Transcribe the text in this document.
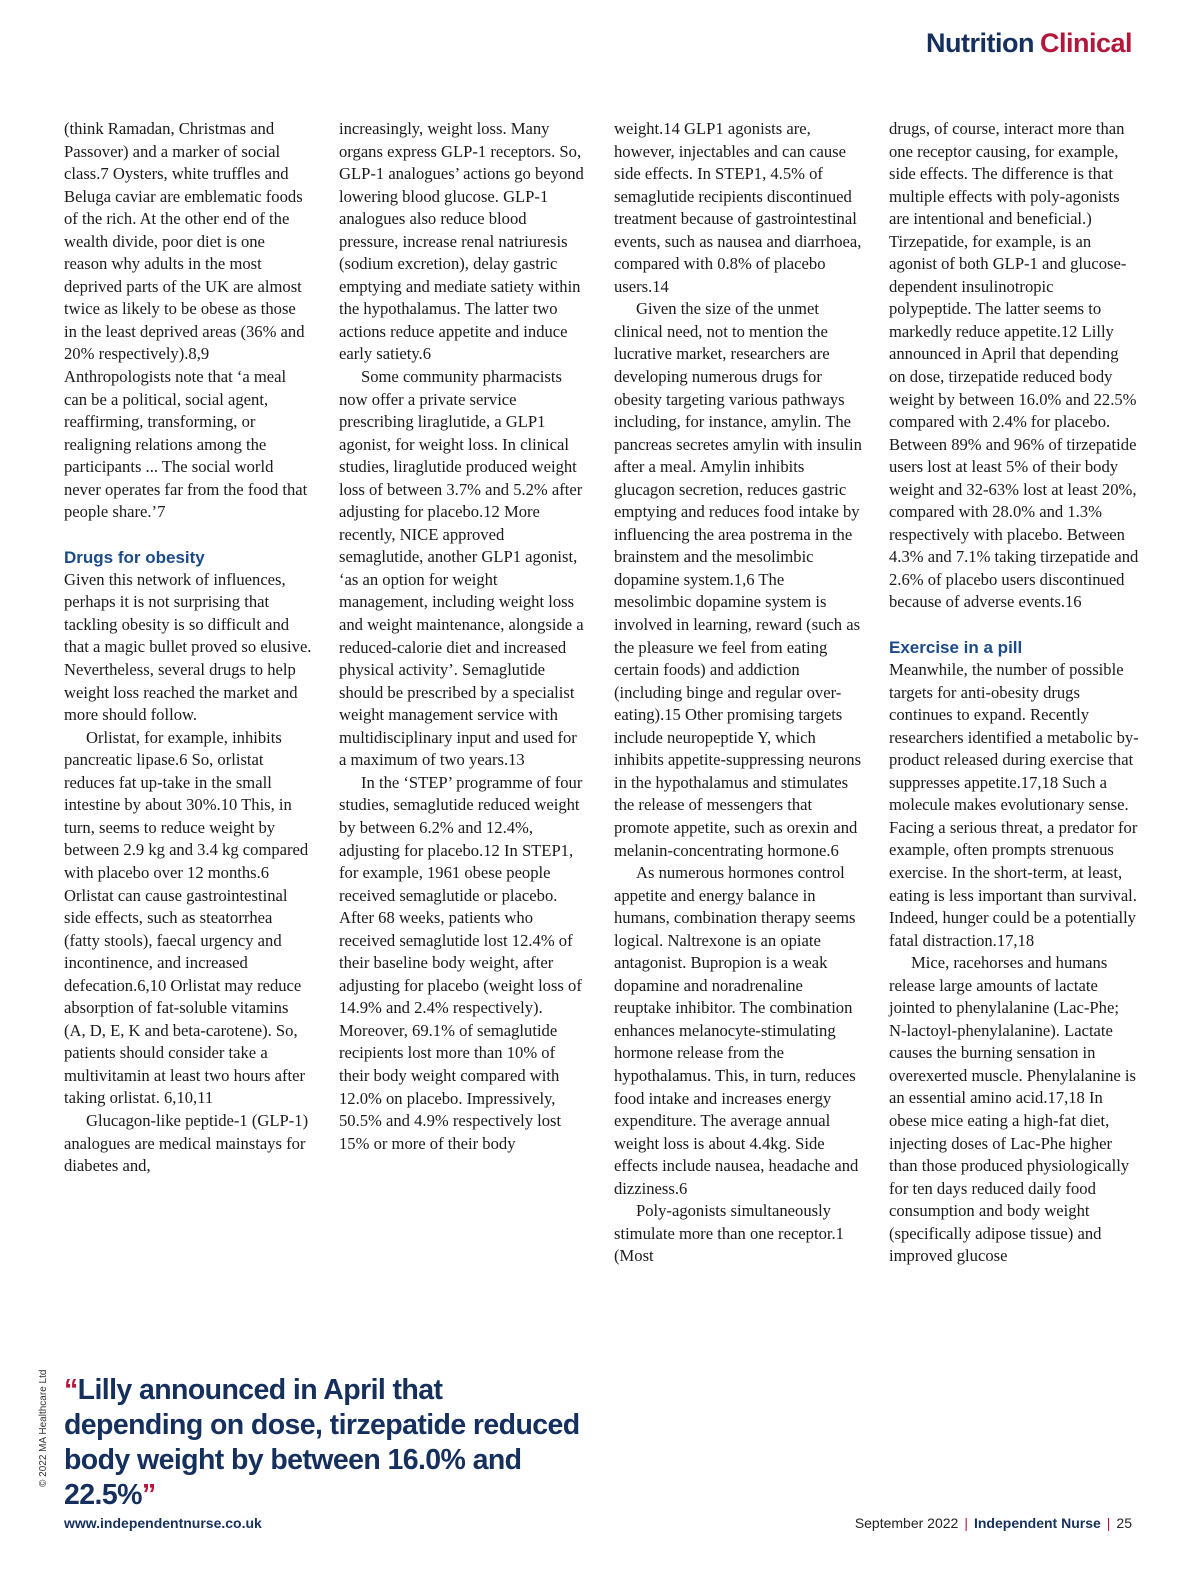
Nutrition Clinical

(think Ramadan, Christmas and Passover) and a marker of social class.7 Oysters, white truffles and Beluga caviar are emblematic foods of the rich. At the other end of the wealth divide, poor diet is one reason why adults in the most deprived parts of the UK are almost twice as likely to be obese as those in the least deprived areas (36% and 20% respectively).8,9 Anthropologists note that ‘a meal can be a political, social agent, reaffirming, transforming, or realigning relations among the participants ... The social world never operates far from the food that people share.’7

Drugs for obesity

Given this network of influences, perhaps it is not surprising that tackling obesity is so difficult and that a magic bullet proved so elusive. Nevertheless, several drugs to help weight loss reached the market and more should follow.

Orlistat, for example, inhibits pancreatic lipase.6 So, orlistat reduces fat up-take in the small intestine by about 30%.10 This, in turn, seems to reduce weight by between 2.9 kg and 3.4 kg compared with placebo over 12 months.6 Orlistat can cause gastrointestinal side effects, such as steatorrhea (fatty stools), faecal urgency and incontinence, and increased defecation.6,10 Orlistat may reduce absorption of fat-soluble vitamins (A, D, E, K and beta-carotene). So, patients should consider take a multivitamin at least two hours after taking orlistat. 6,10,11

Glucagon-like peptide-1 (GLP-1) analogues are medical mainstays for diabetes and,

increasingly, weight loss. Many organs express GLP-1 receptors. So, GLP-1 analogues’ actions go beyond lowering blood glucose. GLP-1 analogues also reduce blood pressure, increase renal natriuresis (sodium excretion), delay gastric emptying and mediate satiety within the hypothalamus. The latter two actions reduce appetite and induce early satiety.6

Some community pharmacists now offer a private service prescribing liraglutide, a GLP1 agonist, for weight loss. In clinical studies, liraglutide produced weight loss of between 3.7% and 5.2% after adjusting for placebo.12 More recently, NICE approved semaglutide, another GLP1 agonist, ‘as an option for weight management, including weight loss and weight maintenance, alongside a reduced-calorie diet and increased physical activity’. Semaglutide should be prescribed by a specialist weight management service with multidisciplinary input and used for a maximum of two years.13

In the ‘STEP’ programme of four studies, semaglutide reduced weight by between 6.2% and 12.4%, adjusting for placebo.12 In STEP1, for example, 1961 obese people received semaglutide or placebo. After 68 weeks, patients who received semaglutide lost 12.4% of their baseline body weight, after adjusting for placebo (weight loss of 14.9% and 2.4% respectively). Moreover, 69.1% of semaglutide recipients lost more than 10% of their body weight compared with 12.0% on placebo. Impressively, 50.5% and 4.9% respectively lost 15% or more of their body

weight.14 GLP1 agonists are, however, injectables and can cause side effects. In STEP1, 4.5% of semaglutide recipients discontinued treatment because of gastrointestinal events, such as nausea and diarrhoea, compared with 0.8% of placebo users.14

Given the size of the unmet clinical need, not to mention the lucrative market, researchers are developing numerous drugs for obesity targeting various pathways including, for instance, amylin. The pancreas secretes amylin with insulin after a meal. Amylin inhibits glucagon secretion, reduces gastric emptying and reduces food intake by influencing the area postrema in the brainstem and the mesolimbic dopamine system.1,6 The mesolimbic dopamine system is involved in learning, reward (such as the pleasure we feel from eating certain foods) and addiction (including binge and regular over-eating).15 Other promising targets include neuropeptide Y, which inhibits appetite-suppressing neurons in the hypothalamus and stimulates the release of messengers that promote appetite, such as orexin and melanin-concentrating hormone.6

As numerous hormones control appetite and energy balance in humans, combination therapy seems logical. Naltrexone is an opiate antagonist. Bupropion is a weak dopamine and noradrenaline reuptake inhibitor. The combination enhances melanocyte-stimulating hormone release from the hypothalamus. This, in turn, reduces food intake and increases energy expenditure. The average annual weight loss is about 4.4kg. Side effects include nausea, headache and dizziness.6

Poly-agonists simultaneously stimulate more than one receptor.1 (Most

drugs, of course, interact more than one receptor causing, for example, side effects. The difference is that multiple effects with poly-agonists are intentional and beneficial.) Tirzepatide, for example, is an agonist of both GLP-1 and glucose-dependent insulinotropic polypeptide. The latter seems to markedly reduce appetite.12 Lilly announced in April that depending on dose, tirzepatide reduced body weight by between 16.0% and 22.5% compared with 2.4% for placebo. Between 89% and 96% of tirzepatide users lost at least 5% of their body weight and 32-63% lost at least 20%, compared with 28.0% and 1.3% respectively with placebo. Between 4.3% and 7.1% taking tirzepatide and 2.6% of placebo users discontinued because of adverse events.16

Exercise in a pill

Meanwhile, the number of possible targets for anti-obesity drugs continues to expand. Recently researchers identified a metabolic by-product released during exercise that suppresses appetite.17,18 Such a molecule makes evolutionary sense. Facing a serious threat, a predator for example, often prompts strenuous exercise. In the short-term, at least, eating is less important than survival. Indeed, hunger could be a potentially fatal distraction.17,18

Mice, racehorses and humans release large amounts of lactate jointed to phenylalanine (Lac-Phe; N-lactoyl-phenylalanine). Lactate causes the burning sensation in overexerted muscle. Phenylalanine is an essential amino acid.17,18 In obese mice eating a high-fat diet, injecting doses of Lac-Phe higher than those produced physiologically for ten days reduced daily food consumption and body weight (specifically adipose tissue) and improved glucose

“Lilly announced in April that depending on dose, tirzepatide reduced body weight by between 16.0% and 22.5%”
© 2022 MA Healthcare Ltd
www.independentnurse.co.uk	September 2022 | Independent Nurse | 25
